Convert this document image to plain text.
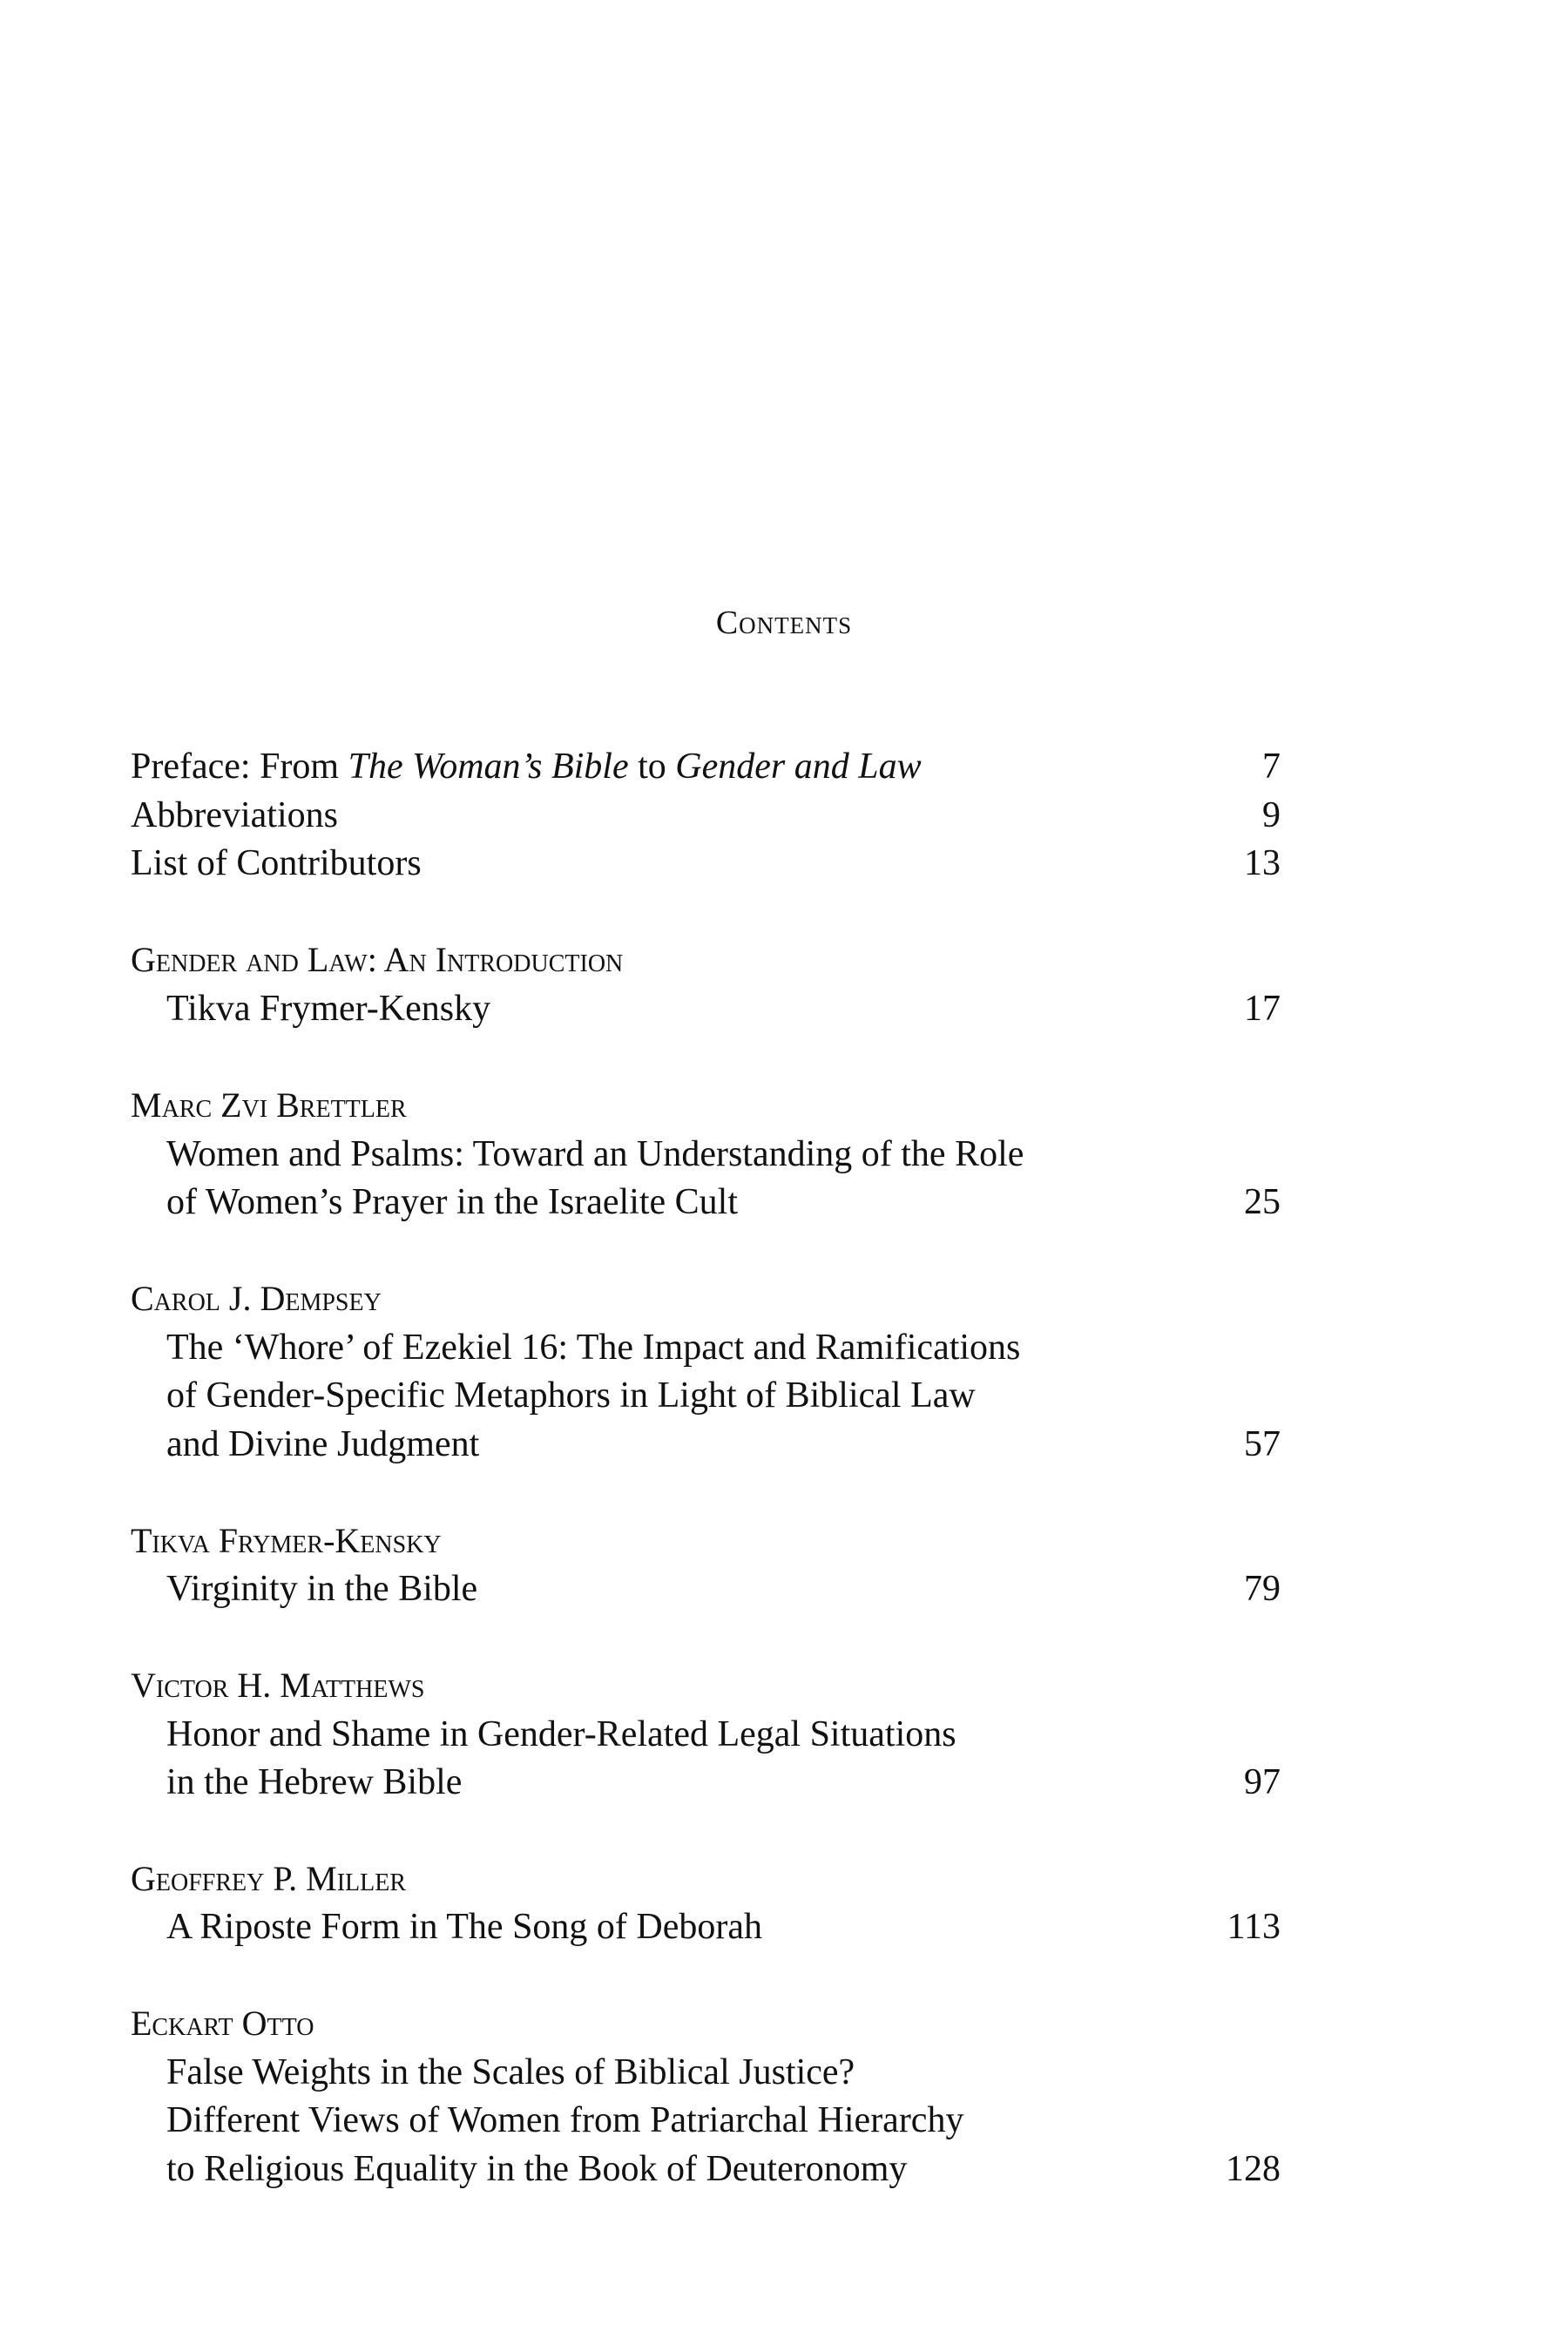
Contents
Preface: From The Woman’s Bible to Gender and Law	7
Abbreviations	9
List of Contributors	13
Gender and Law: An Introduction
Tikva Frymer-Kensky	17
Marc Zvi Brettler
Women and Psalms: Toward an Understanding of the Role
of Women’s Prayer in the Israelite Cult	25
Carol J. Dempsey
The ‘Whore’ of Ezekiel 16: The Impact and Ramifications
of Gender-Specific Metaphors in Light of Biblical Law
and Divine Judgment	57
Tikva Frymer-Kensky
Virginity in the Bible	79
Victor H. Matthews
Honor and Shame in Gender-Related Legal Situations
in the Hebrew Bible	97
Geoffrey P. Miller
A Riposte Form in The Song of Deborah	113
Eckart Otto
False Weights in the Scales of Biblical Justice?
Different Views of Women from Patriarchal Hierarchy
to Religious Equality in the Book of Deuteronomy	128
